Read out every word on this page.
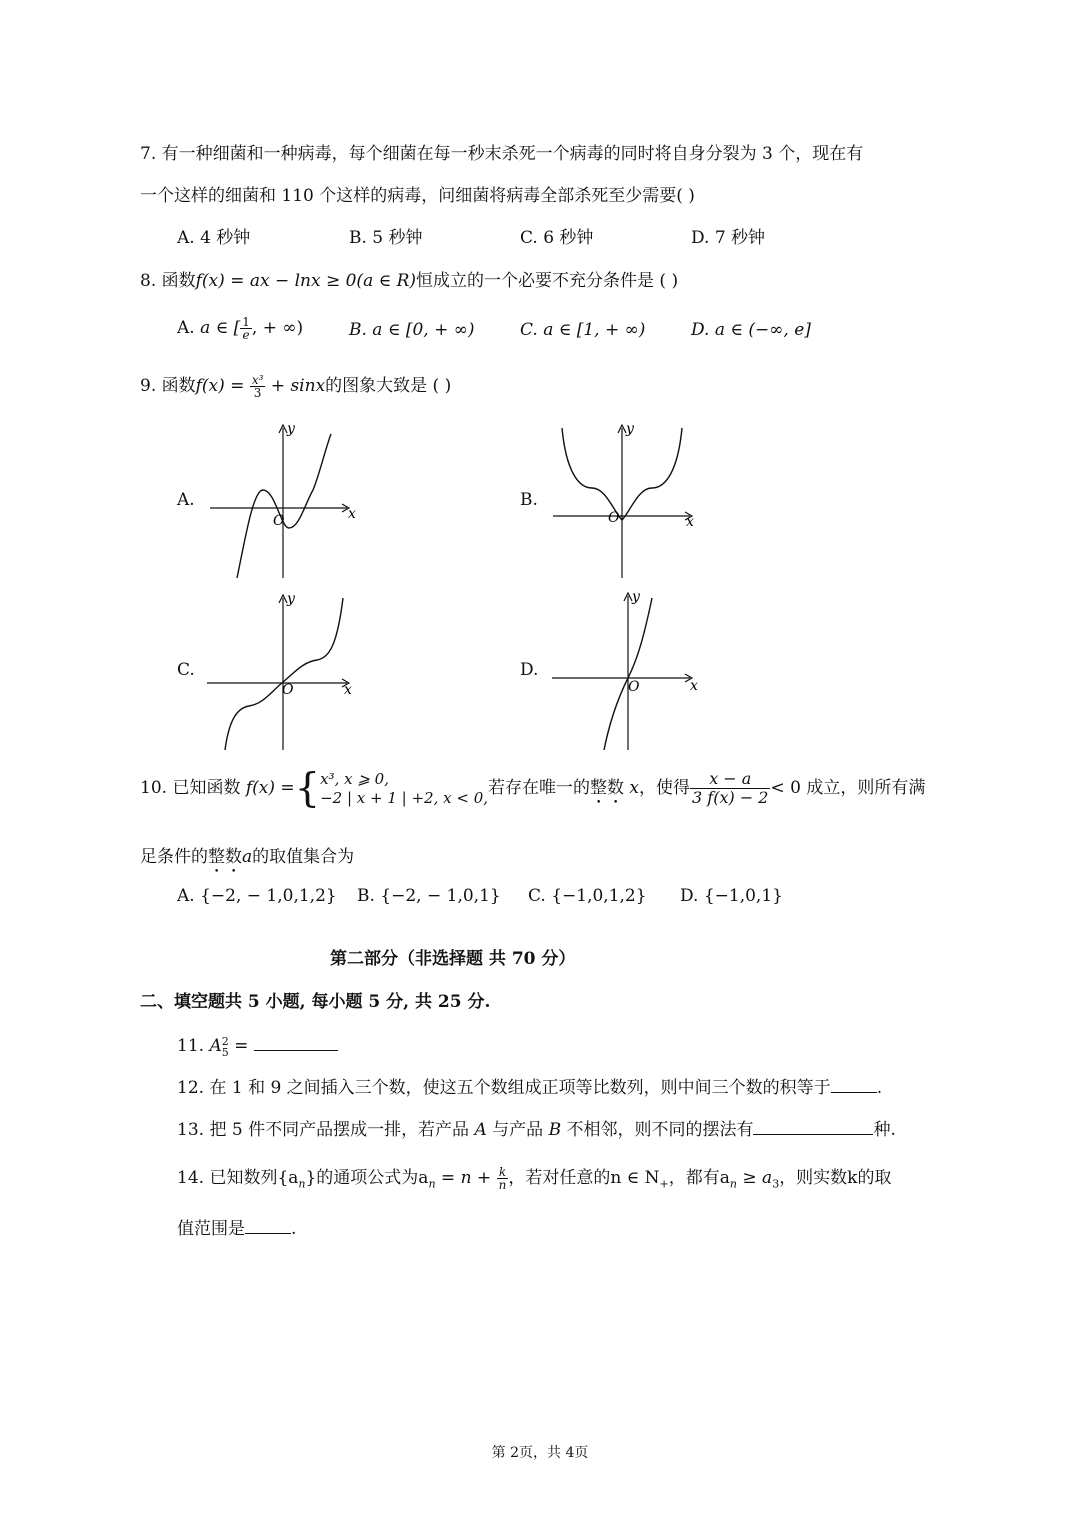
7. 有一种细菌和一种病毒，每个细菌在每一秒末杀死一个病毒的同时将自身分裂为 3 个，现在有
一个这样的细菌和 110 个这样的病毒，问细菌将病毒全部杀死至少需要( )
A. 4 秒钟	B. 5 秒钟	C. 6 秒钟	D. 7 秒钟
8. 函数f(x) = ax − lnx ≥ 0(a ∈ R)恒成立的一个必要不充分条件是 ( )
A. a ∈ [ $\frac{1}{e}$ , + ∞)	B. a ∈ [0, + ∞)	C. a ∈ [1, + ∞)	D. a ∈ (−∞, e]
9. 函数$f(x) = \frac{\text{x³}}{3} + \sin x$的图象大致是 ( )
A.
x
y
O
B.
x
y
O
C.
x
y
O
D.
x
y
O
10. 已知函数 f(x) ={ x³, x ⩾ 0,
−2 | x + 1 | +2, x < 0, 若存在唯一的整数 x，使得 $\frac{x - a}{3 f(x) - 2} < 0$ 成立，则所有满
足条件的整数a的取值集合为
A. {−2, − 1,0,1,2} B. {−2, − 1,0,1} C. {−1,0,1,2} D. {−1,0,1}
第二部分（非选择题 共 70 分）
二、填空题共 5 小题, 每小题 5 分, 共 25 分.
11. A 2
5 =
12. 在 1 和 9 之间插入三个数，使这五个数组成正项等比数列，则中间三个数的积等于	.
13. 把 5 件不同产品摆成一排，若产品 A 与产品 B 不相邻，则不同的摆法有	种.
14. 已知数列$\{a_n\}$的通项公式为$a_n = n + \frac{k}{n}$ ，若对任意的n ∈ $N_+$，都有$a_n \ge a_3$，则实数k的取
值范围是	.
第 2页，共 4页
